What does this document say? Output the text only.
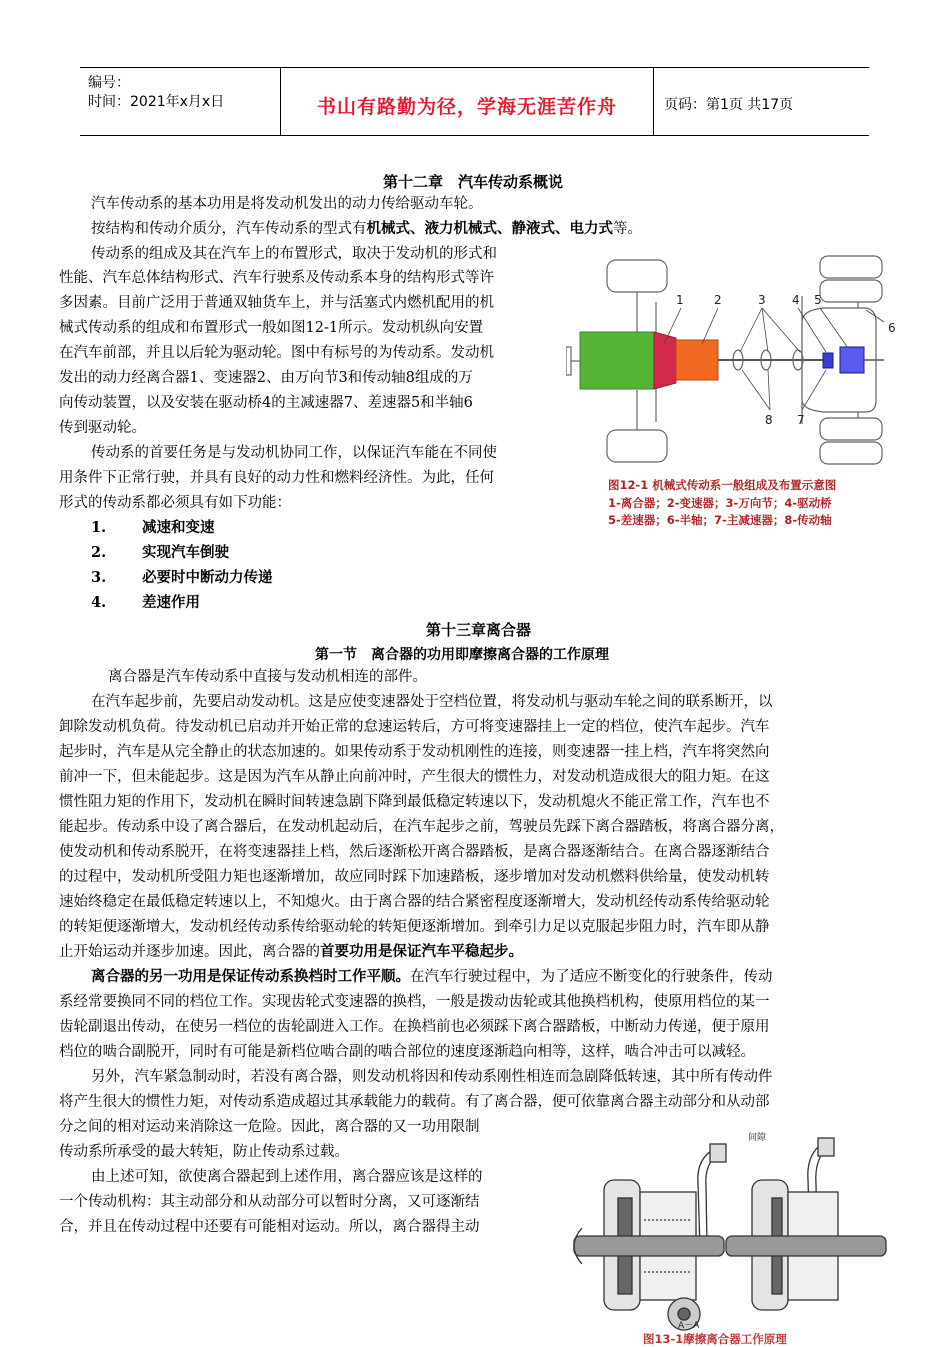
编号：
时间：2021年x月x日	书山有路勤为径，学海无涯苦作舟	页码：第1页 共17页
第十二章　汽车传动系概说
汽车传动系的基本功用是将发动机发出的动力传给驱动车轮。
按结构和传动介质分，汽车传动系的型式有机械式、液力机械式、静液式、电力式等。
传动系的组成及其在汽车上的布置形式，取决于发动机的形式和
性能、汽车总体结构形式、汽车行驶系及传动系本身的结构形式等许
多因素。目前广泛用于普通双轴货车上，并与活塞式内燃机配用的机
械式传动系的组成和布置形式一般如图12-1所示。发动机纵向安置
在汽车前部，并且以后轮为驱动轮。图中有标号的为传动系。发动机
发出的动力经离合器1、变速器2、由万向节3和传动轴8组成的万
向传动装置，以及安装在驱动桥4的主减速器7、差速器5和半轴6
传到驱动轮。
传动系的首要任务是与发动机协同工作，以保证汽车能在不同使
用条件下正常行驶，并具有良好的动力性和燃料经济性。为此，任何
形式的传动系都必须具有如下功能：
1. 减速和变速
2. 实现汽车倒驶
3. 必要时中断动力传递
4. 差速作用
1	2	3 4 5
6
8 7
图12-1 机械式传动系一般组成及布置示意图
1-离合器；2-变速器；3-万向节；4-驱动桥
5-差速器；6-半轴；7-主减速器；8-传动轴
第十三章离合器
第一节　离合器的功用即摩擦离合器的工作原理
离合器是汽车传动系中直接与发动机相连的部件。
在汽车起步前，先要启动发动机。这是应使变速器处于空档位置，将发动机与驱动车轮之间的联系断开，以
卸除发动机负荷。待发动机已启动并开始正常的怠速运转后，方可将变速器挂上一定的档位，使汽车起步。汽车
起步时，汽车是从完全静止的状态加速的。如果传动系于发动机刚性的连接，则变速器一挂上档，汽车将突然向
前冲一下，但未能起步。这是因为汽车从静止向前冲时，产生很大的惯性力，对发动机造成很大的阻力矩。在这
惯性阻力矩的作用下，发动机在瞬时间转速急剧下降到最低稳定转速以下，发动机熄火不能正常工作，汽车也不
能起步。传动系中设了离合器后，在发动机起动后，在汽车起步之前，驾驶员先踩下离合器踏板，将离合器分离，
使发动机和传动系脱开，在将变速器挂上档，然后逐渐松开离合器踏板，是离合器逐渐结合。在离合器逐渐结合
的过程中，发动机所受阻力矩也逐渐增加，故应同时踩下加速踏板，逐步增加对发动机燃料供给量，使发动机转
速始终稳定在最低稳定转速以上，不知熄火。由于离合器的结合紧密程度逐渐增大，发动机经传动系传给驱动轮
的转矩便逐渐增大，发动机经传动系传给驱动轮的转矩便逐渐增加。到牵引力足以克服起步阻力时，汽车即从静
止开始运动并逐步加速。因此，离合器的首要功用是保证汽车平稳起步。
离合器的另一功用是保证传动系换档时工作平顺。在汽车行驶过程中，为了适应不断变化的行驶条件，传动
系经常要换同不同的档位工作。实现齿轮式变速器的换档，一般是拨动齿轮或其他换档机构，使原用档位的某一
齿轮副退出传动，在使另一档位的齿轮副进入工作。在换档前也必须踩下离合器踏板，中断动力传递，便于原用
档位的啮合副脱开，同时有可能是新档位啮合副的啮合部位的速度逐渐趋向相等，这样，啮合冲击可以减轻。
另外，汽车紧急制动时，若没有离合器，则发动机将因和传动系刚性相连而急剧降低转速，其中所有传动件
将产生很大的惯性力矩，对传动系造成超过其承载能力的载荷。有了离合器，便可依靠离合器主动部分和从动部
分之间的相对运动来消除这一危险。因此，离合器的又一功用限制
传动系所承受的最大转矩，防止传动系过载。
由上述可知，欲使离合器起到上述作用，离合器应该是这样的
一个传动机构：其主动部分和从动部分可以暂时分离，又可逐渐结
合，并且在传动过程中还要有可能相对运动。所以，离合器得主动
间隙
A－A
图13-1摩擦离合器工作原理
